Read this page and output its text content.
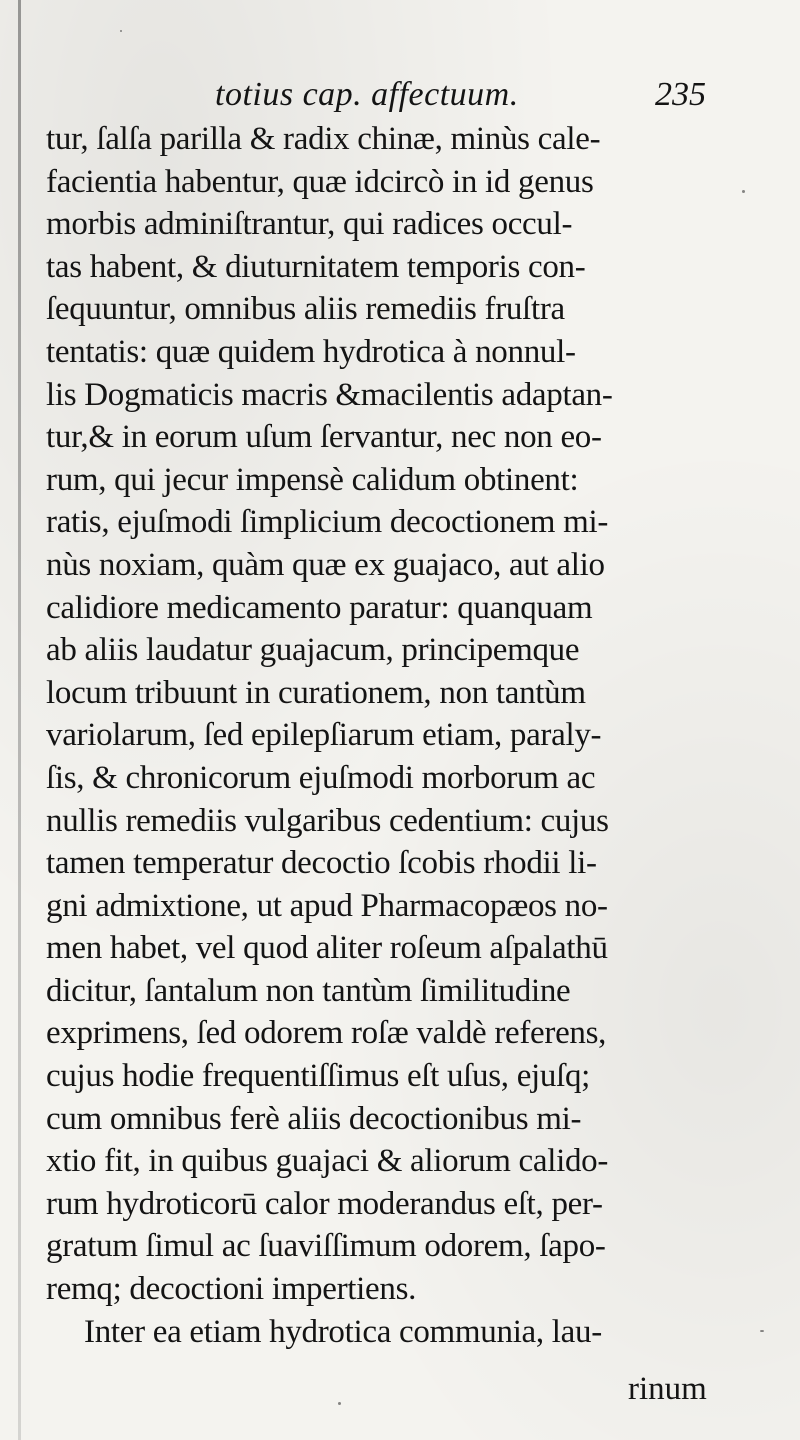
totius cap. affectuum.	235
tur, ſalſa parilla & radix chinæ, minùs cale-
facientia habentur, quæ idcircò in id genus
morbis adminiſtrantur, qui radices occul-
tas habent, & diuturnitatem temporis con-
ſequuntur, omnibus aliis remediis fruſtra
tentatis: quæ quidem hydrotica à nonnul-
lis Dogmaticis macris &macilentis adaptan-
tur,& in eorum uſum ſervantur, nec non eo-
rum, qui jecur impensè calidum obtinent:
ratis, ejuſmodi ſimplicium decoctionem mi-
nùs noxiam, quàm quæ ex guajaco, aut alio
calidiore medicamento paratur: quanquam
ab aliis laudatur guajacum, principemque
locum tribuunt in curationem, non tantùm
variolarum, ſed epilepſiarum etiam, paraly-
ſis, & chronicorum ejuſmodi morborum ac
nullis remediis vulgaribus cedentium: cujus
tamen temperatur decoctio ſcobis rhodii li-
gni admixtione, ut apud Pharmacopæos no-
men habet, vel quod aliter roſeum aſpalathū
dicitur, ſantalum non tantùm ſimilitudine
exprimens, ſed odorem roſæ valdè referens,
cujus hodie frequentiſſimus eſt uſus, ejuſq;
cum omnibus ferè aliis decoctionibus mi-
xtio fit, in quibus guajaci & aliorum calido-
rum hydroticorū calor moderandus eſt, per-
gratum ſimul ac ſuaviſſimum odorem, ſapo-
remq; decoctioni impertiens.
Inter ea etiam hydrotica communia, lau-
rinum
